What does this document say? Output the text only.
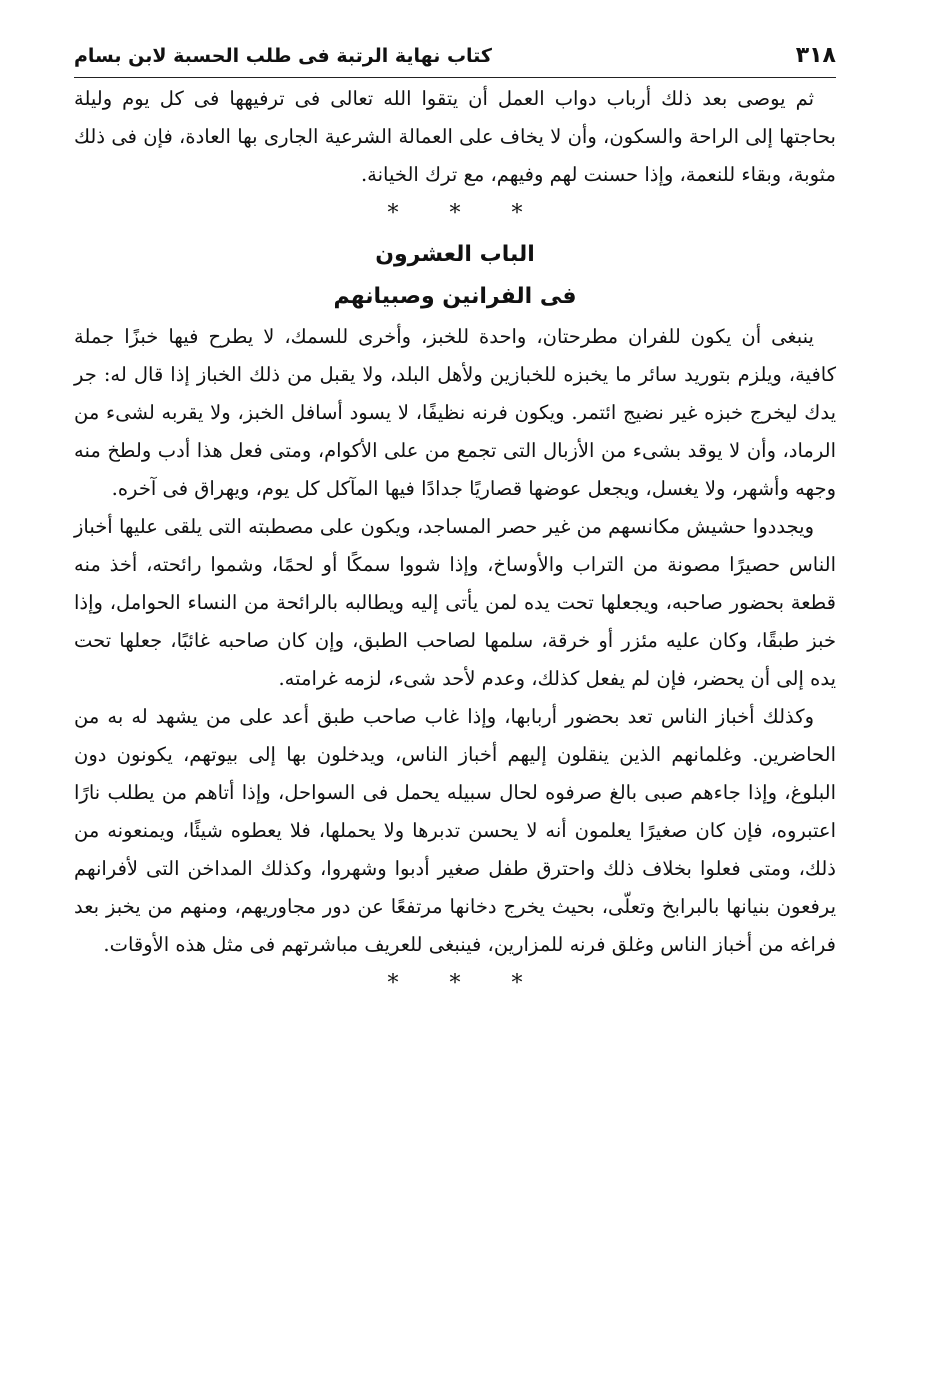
٣١٨
كتاب نهاية الرتبة فى طلب الحسبة لابن بسام

ثم يوصى بعد ذلك أرباب دواب العمل أن يتقوا الله تعالى فى ترفيهها فى كل يوم وليلة بحاجتها إلى الراحة والسكون، وأن لا يخاف على العمالة الشرعية الجارى بها العادة، فإن فى ذلك مثوبة، وبقاء للنعمة، وإذا حسنت لهم وفيهم، مع ترك الخيانة.

* * *
الباب العشرون
فى الفرانين وصبيانهم

ينبغى أن يكون للفران مطرحتان، واحدة للخبز، وأخرى للسمك، لا يطرح فيها خبزًا جملة كافية، ويلزم بتوريد سائر ما يخبزه للخبازين ولأهل البلد، ولا يقبل من ذلك الخباز إذا قال له: جر يدك ليخرج خبزه غير نضيج ائتمر. ويكون فرنه نظيفًا، لا يسود أسافل الخبز، ولا يقربه لشىء من الرماد، وأن لا يوقد بشىء من الأزبال التى تجمع من على الأكوام، ومتى فعل هذا أدب ولطخ منه وجهه وأشهر، ولا يغسل، ويجعل عوضها قصاريًا جدادًا فيها المآكل كل يوم، ويهراق فى آخره.

ويجددوا حشيش مكانسهم من غير حصر المساجد، ويكون على مصطبته التى يلقى عليها أخباز الناس حصيرًا مصونة من التراب والأوساخ، وإذا شووا سمكًا أو لحمًا، وشموا رائحته، أخذ منه قطعة بحضور صاحبه، ويجعلها تحت يده لمن يأتى إليه ويطالبه بالرائحة من النساء الحوامل، وإذا خبز طبقًا، وكان عليه مئزر أو خرقة، سلمها لصاحب الطبق، وإن كان صاحبه غائبًا، جعلها تحت يده إلى أن يحضر، فإن لم يفعل كذلك، وعدم لأحد شىء، لزمه غرامته.

وكذلك أخباز الناس تعد بحضور أربابها، وإذا غاب صاحب طبق أعد على من يشهد له به من الحاضرين. وغلمانهم الذين ينقلون إليهم أخباز الناس، ويدخلون بها إلى بيوتهم، يكونون دون البلوغ، وإذا جاءهم صبى بالغ صرفوه لحال سبيله يحمل فى السواحل، وإذا أتاهم من يطلب نارًا اعتبروه، فإن كان صغيرًا يعلمون أنه لا يحسن تدبرها ولا يحملها، فلا يعطوه شيئًا، ويمنعونه من ذلك، ومتى فعلوا بخلاف ذلك واحترق طفل صغير أدبوا وشهروا، وكذلك المداخن التى لأفرانهم يرفعون بنيانها بالبرابخ وتعلّى، بحيث يخرج دخانها مرتفعًا عن دور مجاوريهم، ومنهم من يخبز بعد فراغه من أخباز الناس وغلق فرنه للمزارين، فينبغى للعريف مباشرتهم فى مثل هذه الأوقات.

* * *
